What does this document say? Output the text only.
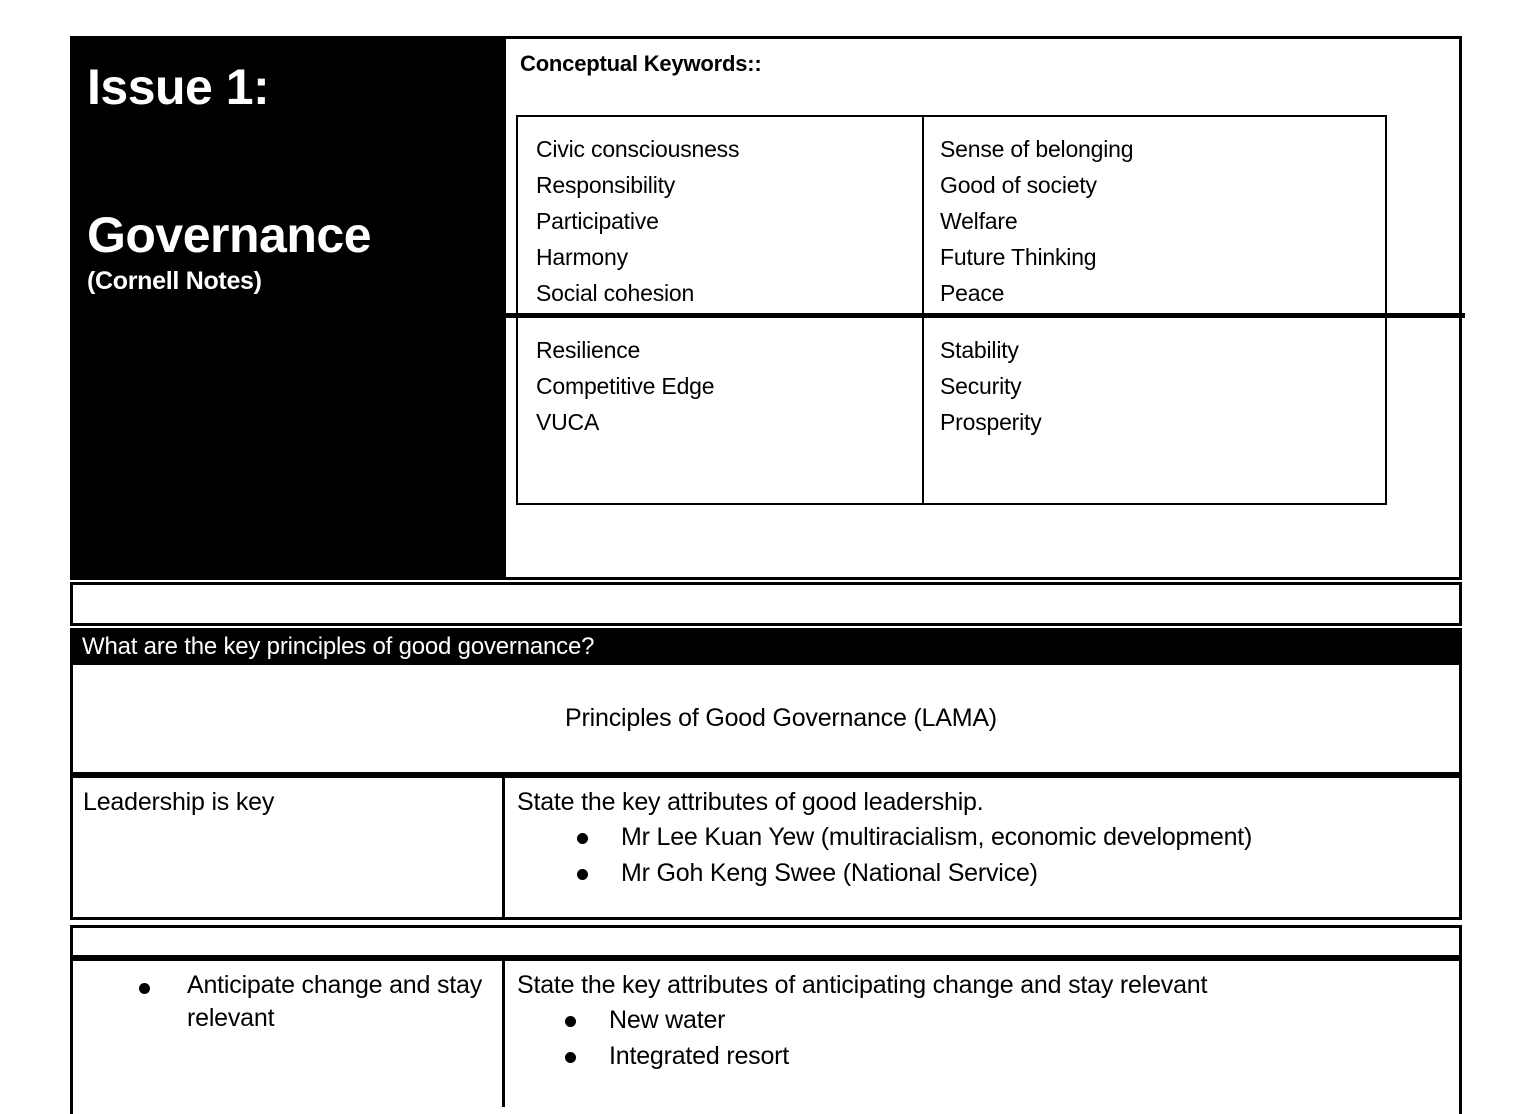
Issue 1:
Governance
(Cornell Notes)
Conceptual Keywords::
Civic consciousness
Responsibility
Participative
Harmony
Social cohesion
Sense of belonging
Good of society
Welfare
Future Thinking
Peace
Resilience
Competitive Edge
VUCA
Stability
Security
Prosperity
What are the key principles of good governance?
Principles of Good Governance (LAMA)
Leadership is key	State the key attributes of good leadership.
Mr Lee Kuan Yew (multiracialism, economic development)
Mr Goh Keng Swee (National Service)
Anticipate change and stay relevant
State the key attributes of anticipating change and stay relevant
New water
Integrated resort
